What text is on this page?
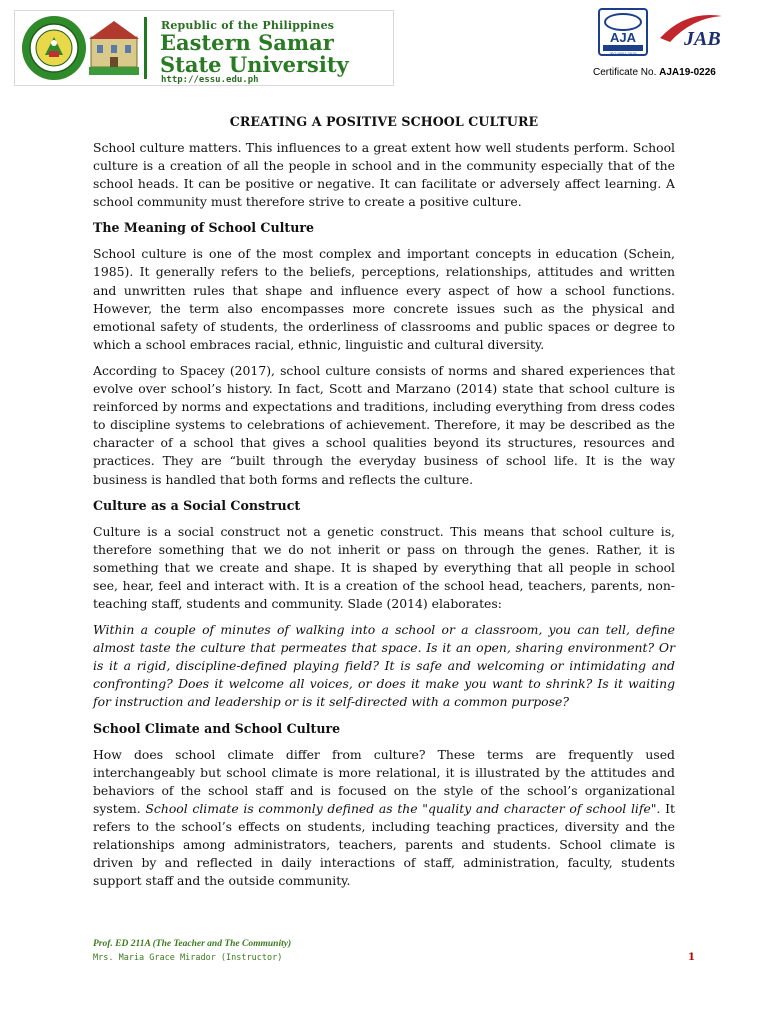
Republic of the Philippines
Eastern Samar
State University
http://essu.edu.ph
AJA
ISO 9001:2015
JAB
Certificate No. AJA19-0226
CREATING A POSITIVE SCHOOL CULTURE

School culture matters. This influences to a great extent how well students perform. School culture is a creation of all the people in school and in the community especially that of the school heads. It can be positive or negative. It can facilitate or adversely affect learning. A school community must therefore strive to create a positive culture.

The Meaning of School Culture

School culture is one of the most complex and important concepts in education (Schein, 1985). It generally refers to the beliefs, perceptions, relationships, attitudes and written and unwritten rules that shape and influence every aspect of how a school functions. However, the term also encompasses more concrete issues such as the physical and emotional safety of students, the orderliness of classrooms and public spaces or degree to which a school embraces racial, ethnic, linguistic and cultural diversity.

According to Spacey (2017), school culture consists of norms and shared experiences that evolve over school’s history. In fact, Scott and Marzano (2014) state that school culture is reinforced by norms and expectations and traditions, including everything from dress codes to discipline systems to celebrations of achievement. Therefore, it may be described as the character of a school that gives a school qualities beyond its structures, resources and practices. They are “built through the everyday business of school life. It is the way business is handled that both forms and reflects the culture.

Culture as a Social Construct

Culture is a social construct not a genetic construct. This means that school culture is, therefore something that we do not inherit or pass on through the genes. Rather, it is something that we create and shape. It is shaped by everything that all people in school see, hear, feel and interact with. It is a creation of the school head, teachers, parents, non-teaching staff, students and community. Slade (2014) elaborates:

Within a couple of minutes of walking into a school or a classroom, you can tell, define almost taste the culture that permeates that space. Is it an open, sharing environment? Or is it a rigid, discipline-defined playing field? It is safe and welcoming or intimidating and confronting? Does it welcome all voices, or does it make you want to shrink? Is it waiting for instruction and leadership or is it self-directed with a common purpose?

School Climate and School Culture

How does school climate differ from culture? These terms are frequently used interchangeably but school climate is more relational, it is illustrated by the attitudes and behaviors of the school staff and is focused on the style of the school’s organizational system. School climate is commonly defined as the "quality and character of school life". It refers to the school’s effects on students, including teaching practices, diversity and the relationships among administrators, teachers, parents and students. School climate is driven by and reflected in daily interactions of staff, administration, faculty, students support staff and the outside community.

Prof. ED 211A (The Teacher and The Community)
Mrs. Maria Grace Mirador (Instructor)	1
